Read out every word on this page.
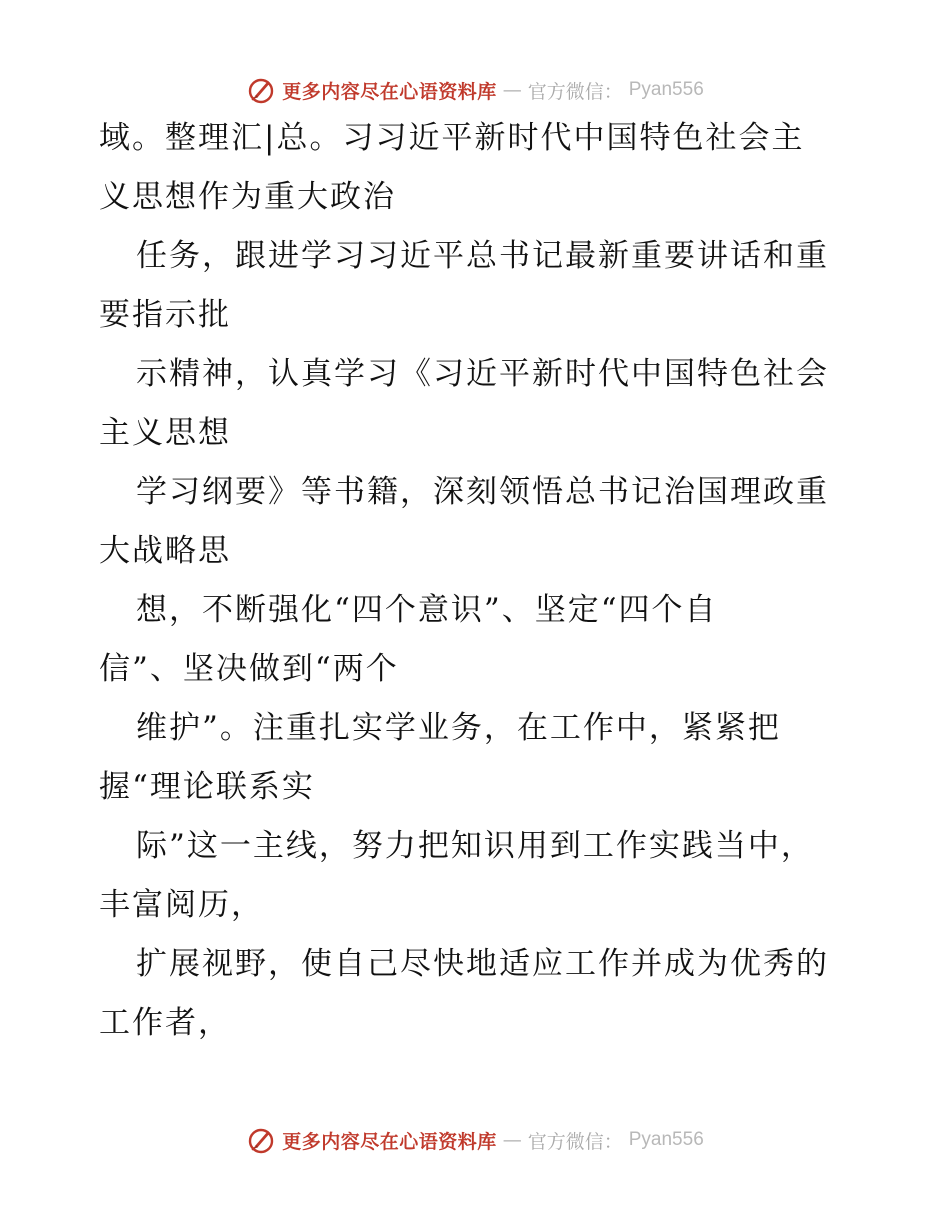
更多内容尽在心语资料库 — 官方微信： Pyan556
域。整理汇|总。习习近平新时代中国特色社会主
义思想作为重大政治
任务，跟进学习习近平总书记最新重要讲话和重
要指示批
示精神，认真学习《习近平新时代中国特色社会
主义思想
学习纲要》等书籍，深刻领悟总书记治国理政重
大战略思
想，不断强化“四个意识”、坚定“四个自
信”、坚决做到“两个
维护”。注重扎实学业务，在工作中，紧紧把
握“理论联系实
际”这一主线，努力把知识用到工作实践当中，
丰富阅历，
扩展视野，使自己尽快地适应工作并成为优秀的
工作者，
更多内容尽在心语资料库 — 官方微信： Pyan556
